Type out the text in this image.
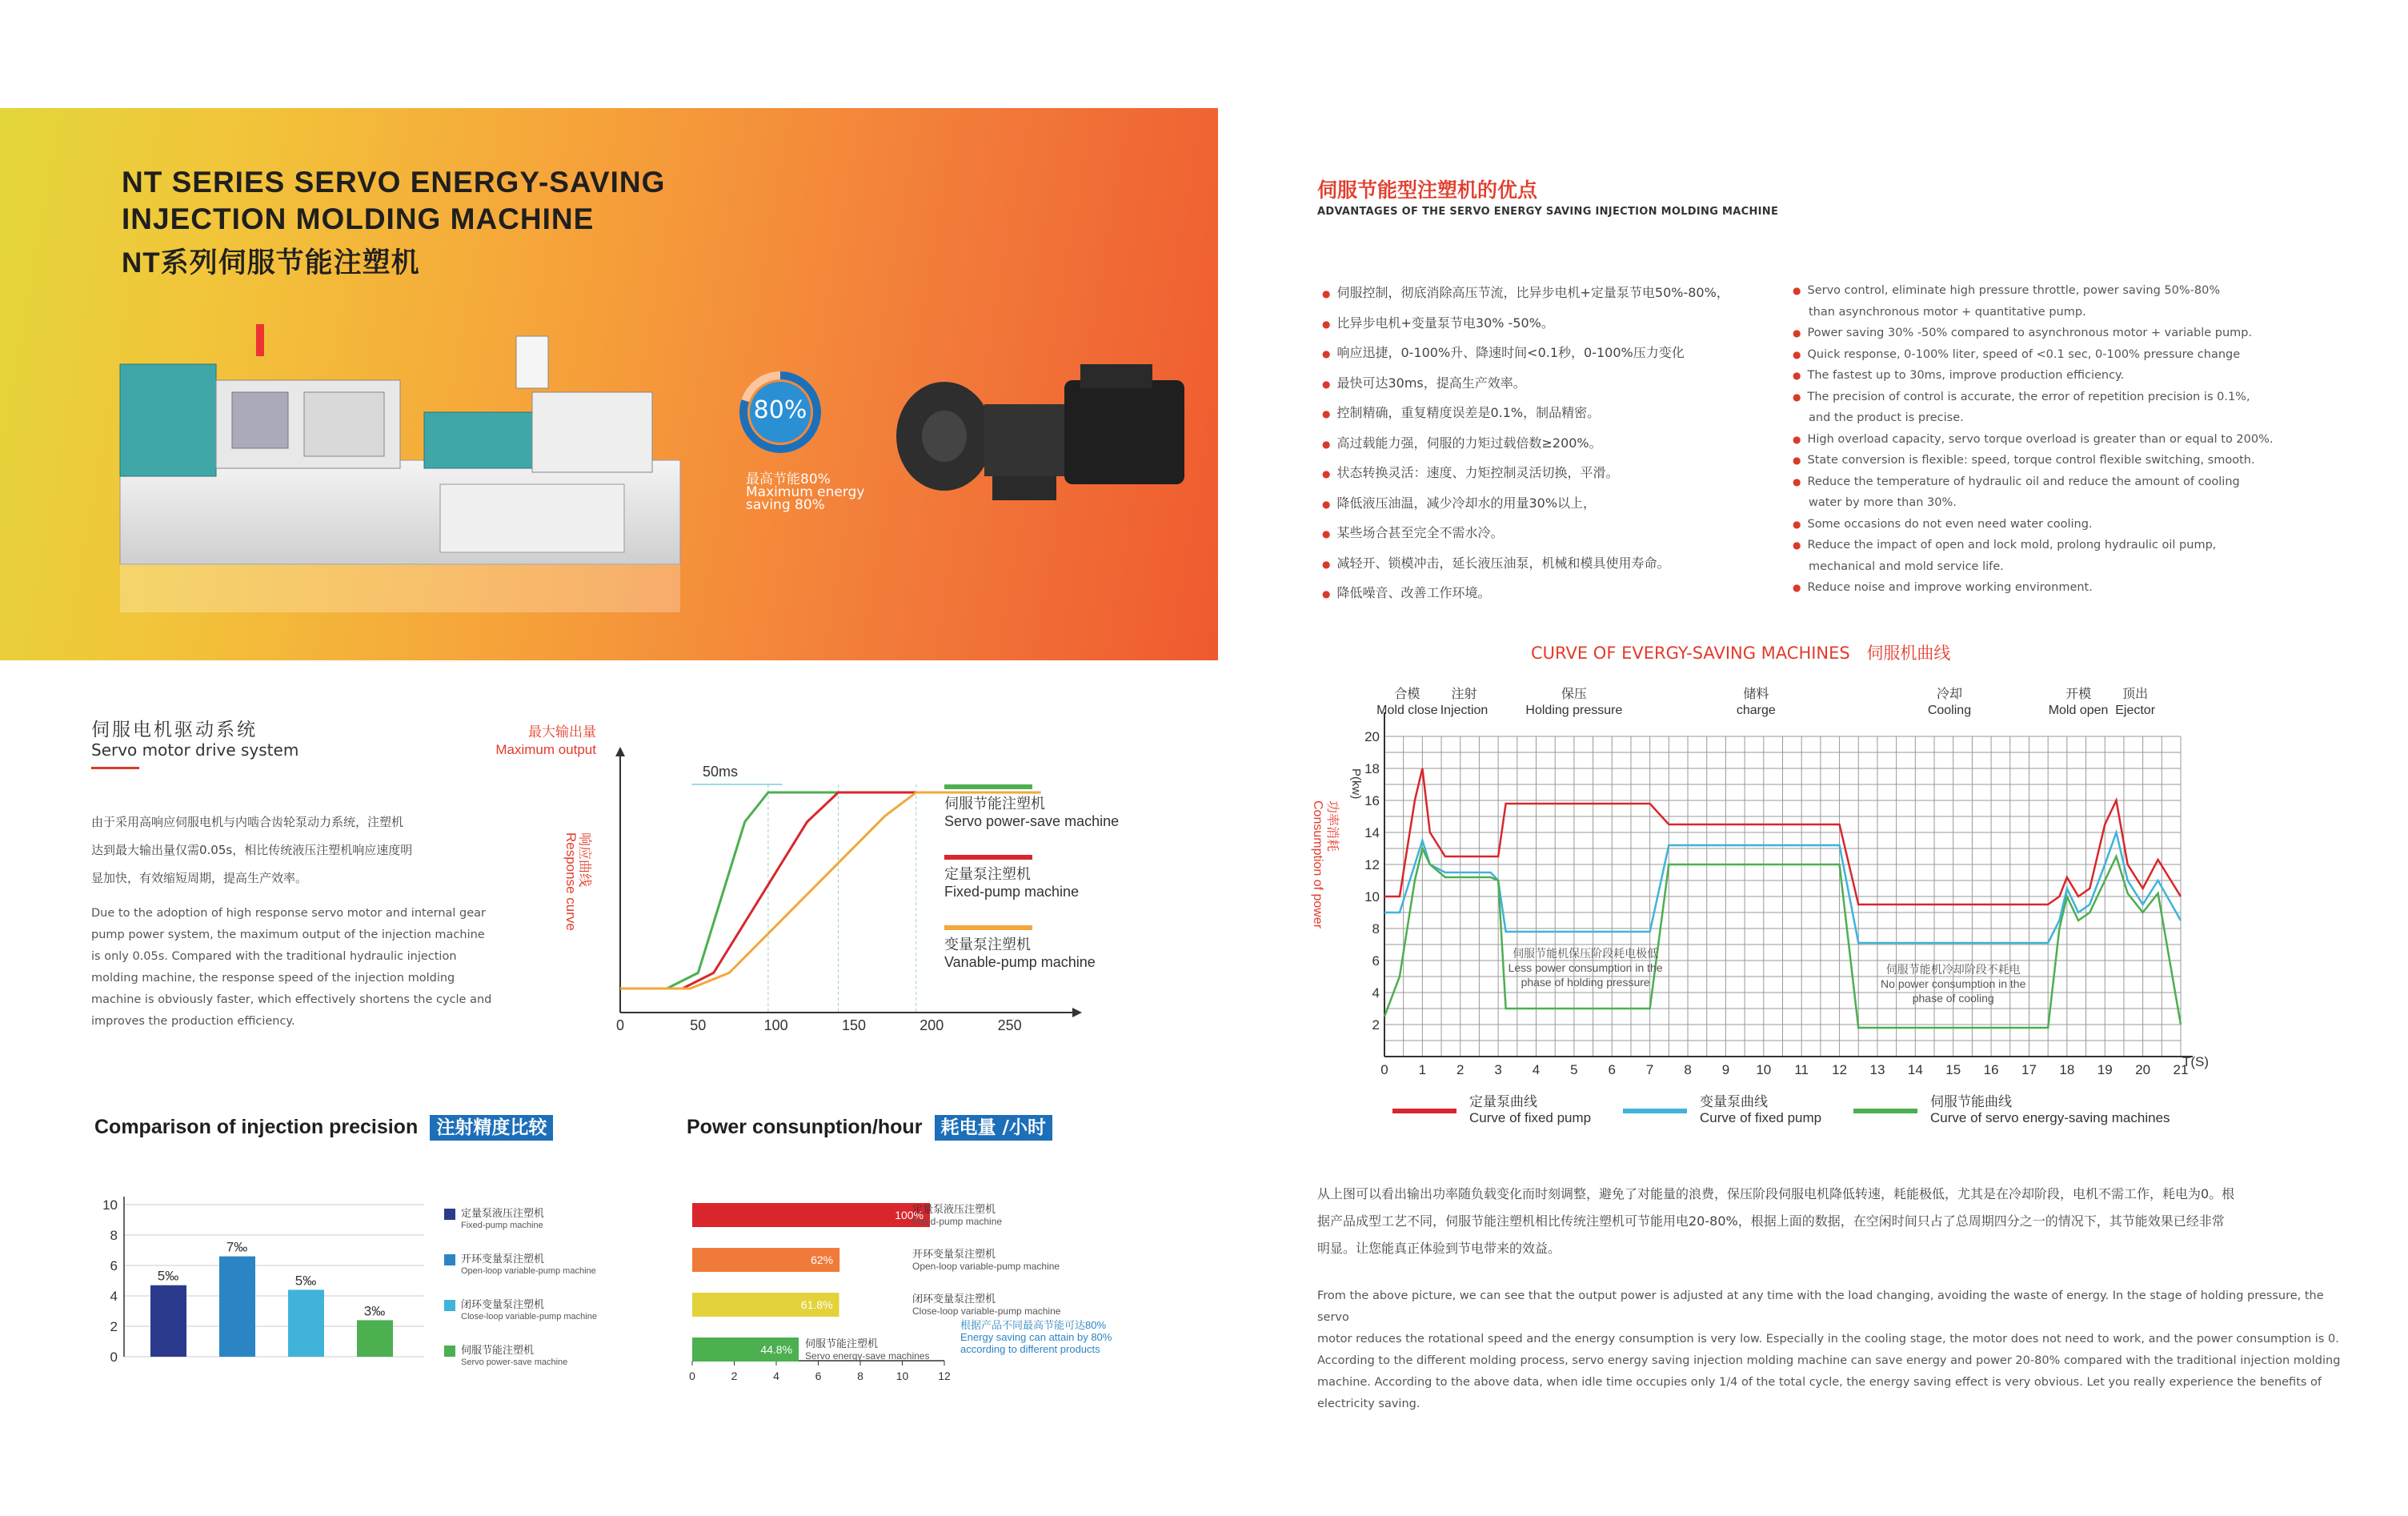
NT SERIES SERVO ENERGY-SAVING
INJECTION MOLDING MACHINE
NT系列伺服节能注塑机
80%
最高节能80%
Maximum energy
saving 80%
伺服节能型注塑机的优点
ADVANTAGES OF THE SERVO ENERGY SAVING INJECTION MOLDING MACHINE
● 伺服控制，彻底消除高压节流，比异步电机+定量泵节电50%-80%，
● 比异步电机+变量泵节电30% -50%。
● 响应迅捷，0-100%升、降速时间<0.1秒，0-100%压力变化
● 最快可达30ms，提高生产效率。
● 控制精确，重复精度误差是0.1%，制品精密。
● 高过载能力强，伺服的力矩过载倍数≥200%。
● 状态转换灵活：速度、力矩控制灵活切换，平滑。
● 降低液压油温，减少冷却水的用量30%以上，
● 某些场合甚至完全不需水冷。
● 减轻开、锁模冲击，延长液压油泵，机械和模具使用寿命。
● 降低噪音、改善工作环境。
● Servo control, eliminate high pressure throttle, power saving 50%-80%
than asynchronous motor + quantitative pump.
● Power saving 30% -50% compared to asynchronous motor + variable pump.
● Quick response, 0-100% liter, speed of <0.1 sec, 0-100% pressure change
● The fastest up to 30ms, improve production efficiency.
● The precision of control is accurate, the error of repetition precision is 0.1%,
and the product is precise.
● High overload capacity, servo torque overload is greater than or equal to 200%.
● State conversion is flexible: speed, torque control flexible switching, smooth.
● Reduce the temperature of hydraulic oil and reduce the amount of cooling
water by more than 30%.
● Some occasions do not even need water cooling.
● Reduce the impact of open and lock mold, prolong hydraulic oil pump,
mechanical and mold service life.
● Reduce noise and improve working environment.
伺服电机驱动系统
Servo motor drive system
由于采用高响应伺服电机与内啮合齿轮泵动力系统，注塑机
达到最大输出量仅需0.05s，相比传统液压注塑机响应速度明
显加快，有效缩短周期，提高生产效率。
Due to the adoption of high response servo motor and internal gear
pump power system, the maximum output of the injection machine
is only 0.05s. Compared with the traditional hydraulic injection
molding machine, the response speed of the injection molding
machine is obviously faster, which effectively shortens the cycle and
improves the production efficiency.
最大输出量
Maximum output
响应曲线
Response curve
0	50	100	150	200	250
50ms
伺服节能注塑机
Servo power-save machine
定量泵注塑机
Fixed-pump machine
变量泵注塑机
Vanable-pump machine
CURVE OF EVERGY-SAVING MACHINES 伺服机曲线
0 1 2 3 4 5 6 7 8 9 10 11 12 13 14 15 16 17 18 19 20 21
2
4
6
8
10
12
14
16
18
20
T(S)
P(kw)
功率消耗
Consumption of power
合模
Mold close
注射
Injection
保压
Holding pressure
储料
charge
冷却
Cooling
开模
Mold open
顶出
Ejector
伺服节能机保压阶段耗电极低
Less power consumption in the
phase of holding pressure
伺服节能机冷却阶段不耗电
No power consumption in the
phase of cooling
定量泵曲线
Curve of fixed pump
变量泵曲线
Curve of fixed pump
伺服节能曲线
Curve of servo energy-saving machines
从上图可以看出输出功率随负载变化而时刻调整，避免了对能量的浪费，保压阶段伺服电机降低转速，耗能极低，尤其是在冷却阶段，电机不需工作，耗电为0。根
据产品成型工艺不同，伺服节能注塑机相比传统注塑机可节能用电20-80%，根据上面的数据，在空闲时间只占了总周期四分之一的情况下，其节能效果已经非常
明显。让您能真正体验到节电带来的效益。
From the above picture, we can see that the output power is adjusted at any time with the load changing, avoiding the waste of energy. In the stage of holding pressure, the servo
motor reduces the rotational speed and the energy consumption is very low. Especially in the cooling stage, the motor does not need to work, and the power consumption is 0.
According to the different molding process, servo energy saving injection molding machine can save energy and power 20-80% compared with the traditional injection molding
machine. According to the above data, when idle time occupies only 1/4 of the total cycle, the energy saving effect is very obvious. Let you really experience the benefits of
electricity saving.
Comparison of injection precision 注射精度比较
0
2
4
6
8
10
5‰
定量泵液压注塑机
Fixed-pump machine
7‰
开环变量泵注塑机
Open-loop variable-pump machine
5‰
闭环变量泵注塑机
Close-loop variable-pump machine
3‰
伺服节能注塑机
Servo power-save machine
Power consunption/hour 耗电量 /小时
根据产品不同最高节能可达80%
Energy saving can attain by 80%
according to different products
0	2	4	6	8	10	12
100%
定量泵液压注塑机
Fixed-pump machine
62%	开环变量泵注塑机
Open-loop variable-pump machine
61.8%	闭环变量泵注塑机
Close-loop variable-pump machine
44.8% 伺服节能注塑机
Servo energy-save machines
